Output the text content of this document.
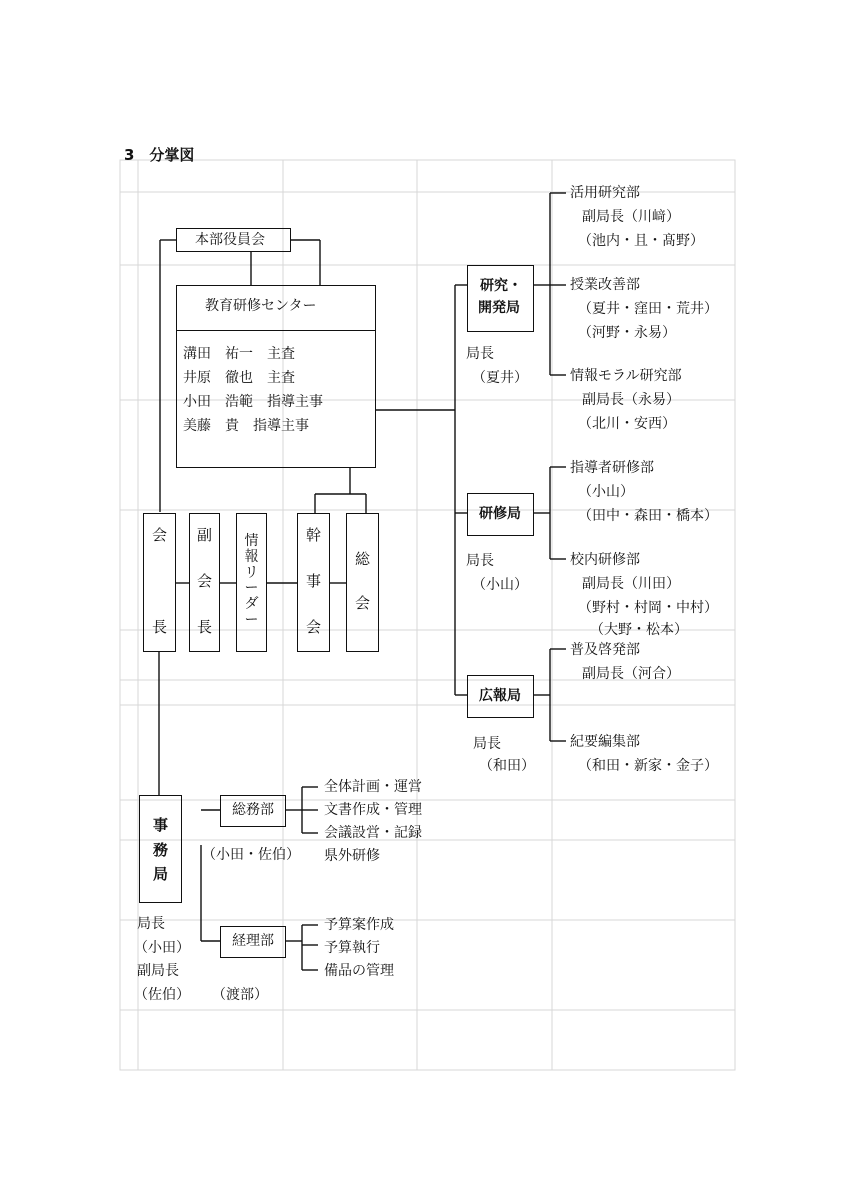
3　分掌図
本部役員会
教育研修センター
溝田　祐一　 主査
井原　徹也　 主査
小田　浩範　 指導主事
美藤　貴　 指導主事
会
長
副
会
長
情
報
リ
ー
ダ
ー
幹
事
会
総
会
研究・
開発局
局長
（夏井）
活用研究部
副局長（川﨑）
（池内・且・髙野）
授業改善部
（夏井・窪田・荒井）
（河野・永易）
情報モラル研究部
副局長（永易）
（北川・安西）
研修局
局長
（小山）
指導者研修部
（小山）
（田中・森田・橋本）
校内研修部
副局長（川田）
（野村・村岡・中村）
（大野・松本）
広報局
局長
（和田）
普及啓発部
副局長（河合）
紀要編集部
（和田・新家・金子）
事
務
局
局長
（小田）
副局長
（佐伯）
総務部
（小田・佐伯）
全体計画・運営
文書作成・管理
会議設営・記録
県外研修
経理部
（渡部）
予算案作成
予算執行
備品の管理
